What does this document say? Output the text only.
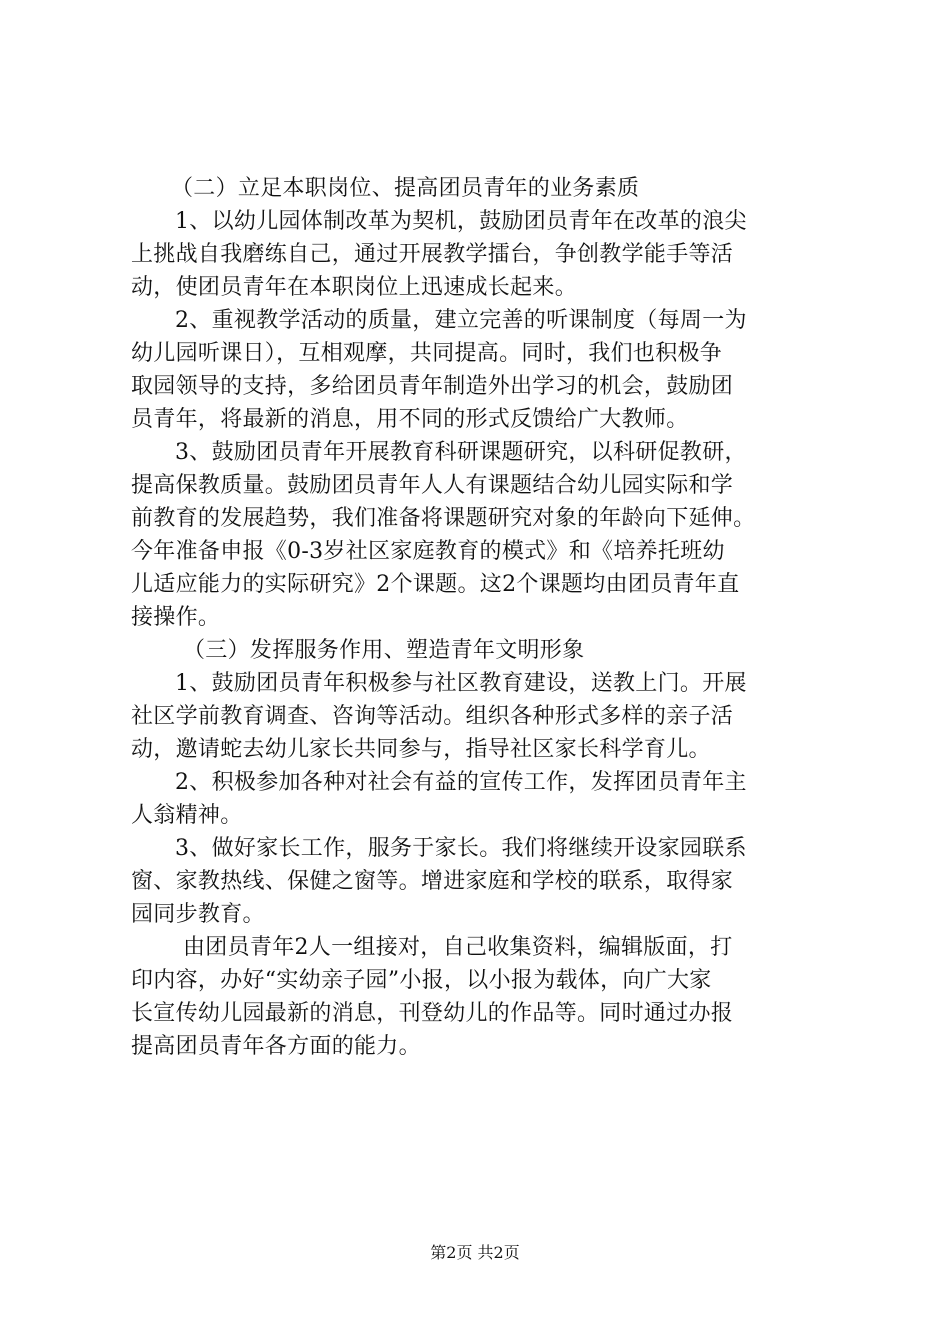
（二）立足本职岗位、提高团员青年的业务素质
1、以幼儿园体制改革为契机，鼓励团员青年在改革的浪尖
上挑战自我磨练自己，通过开展教学擂台，争创教学能手等活
动，使团员青年在本职岗位上迅速成长起来。
2、重视教学活动的质量，建立完善的听课制度（每周一为
幼儿园听课日），互相观摩，共同提高。同时，我们也积极争
取园领导的支持，多给团员青年制造外出学习的机会，鼓励团
员青年，将最新的消息，用不同的形式反馈给广大教师。
3、鼓励团员青年开展教育科研课题研究，以科研促教研，
提高保教质量。鼓励团员青年人人有课题结合幼儿园实际和学
前教育的发展趋势，我们准备将课题研究对象的年龄向下延伸。
今年准备申报《0-3岁社区家庭教育的模式》和《培养托班幼
儿适应能力的实际研究》2个课题。这2个课题均由团员青年直
接操作。
（三）发挥服务作用、塑造青年文明形象
1、鼓励团员青年积极参与社区教育建设，送教上门。开展
社区学前教育调查、咨询等活动。组织各种形式多样的亲子活
动，邀请蛇去幼儿家长共同参与，指导社区家长科学育儿。
2、积极参加各种对社会有益的宣传工作，发挥团员青年主
人翁精神。
3、做好家长工作，服务于家长。我们将继续开设家园联系
窗、家教热线、保健之窗等。增进家庭和学校的联系，取得家
园同步教育。
由团员青年2人一组接对，自己收集资料，编辑版面，打
印内容，办好“实幼亲子园”小报，以小报为载体，向广大家
长宣传幼儿园最新的消息，刊登幼儿的作品等。同时通过办报
提高团员青年各方面的能力。
第2页 共2页
